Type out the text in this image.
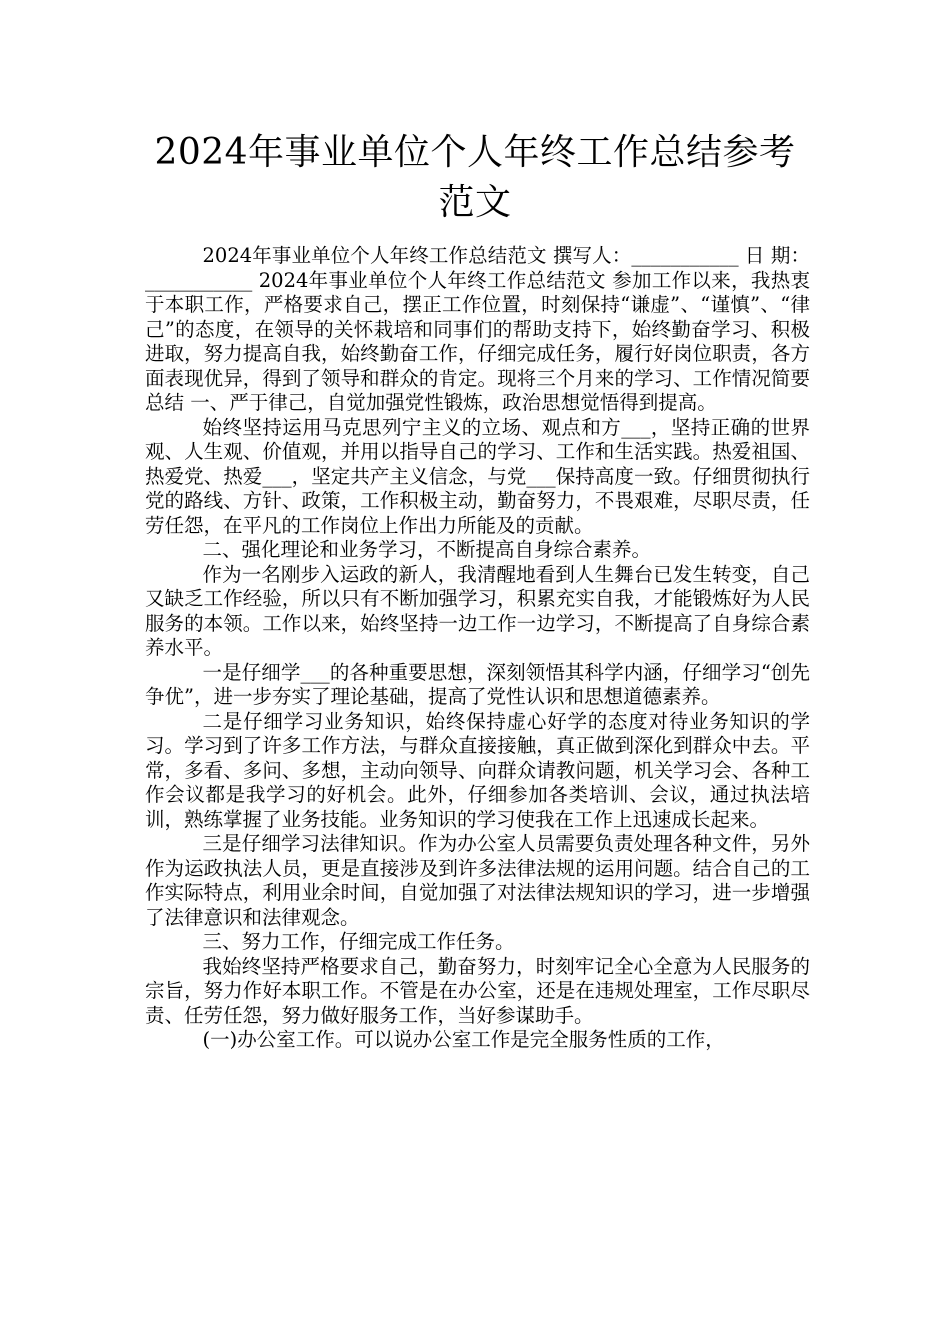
2024年事业单位个人年终工作总结参考范文

2024年事业单位个人年终工作总结范文 撰写人：___________ 日 期：___________ 2024年事业单位个人年终工作总结范文 参加工作以来，我热衷于本职工作，严格要求自己，摆正工作位置，时刻保持“谦虚”、“谨慎”、“律己”的态度，在领导的关怀栽培和同事们的帮助支持下，始终勤奋学习、积极进取，努力提高自我，始终勤奋工作，仔细完成任务，履行好岗位职责，各方面表现优异，得到了领导和群众的肯定。现将三个月来的学习、工作情况简要总结 一、严于律己，自觉加强党性锻炼，政治思想觉悟得到提高。

始终坚持运用马克思列宁主义的立场、观点和方___，坚持正确的世界观、人生观、价值观，并用以指导自己的学习、工作和生活实践。热爱祖国、热爱党、热爱___，坚定共产主义信念，与党___保持高度一致。仔细贯彻执行党的路线、方针、政策，工作积极主动，勤奋努力，不畏艰难，尽职尽责，任劳任怨，在平凡的工作岗位上作出力所能及的贡献。

二、强化理论和业务学习，不断提高自身综合素养。

作为一名刚步入运政的新人，我清醒地看到人生舞台已发生转变，自己又缺乏工作经验，所以只有不断加强学习，积累充实自我，才能锻炼好为人民服务的本领。工作以来，始终坚持一边工作一边学习，不断提高了自身综合素养水平。

一是仔细学___的各种重要思想，深刻领悟其科学内涵，仔细学习“创先争优”，进一步夯实了理论基础，提高了党性认识和思想道德素养。

二是仔细学习业务知识，始终保持虚心好学的态度对待业务知识的学习。学习到了许多工作方法，与群众直接接触，真正做到深化到群众中去。平常，多看、多问、多想，主动向领导、向群众请教问题，机关学习会、各种工作会议都是我学习的好机会。此外，仔细参加各类培训、会议，通过执法培训，熟练掌握了业务技能。业务知识的学习使我在工作上迅速成长起来。

三是仔细学习法律知识。作为办公室人员需要负责处理各种文件，另外作为运政执法人员，更是直接涉及到许多法律法规的运用问题。结合自己的工作实际特点，利用业余时间，自觉加强了对法律法规知识的学习，进一步增强了法律意识和法律观念。

三、努力工作，仔细完成工作任务。

我始终坚持严格要求自己，勤奋努力，时刻牢记全心全意为人民服务的宗旨，努力作好本职工作。不管是在办公室，还是在违规处理室，工作尽职尽责、任劳任怨，努力做好服务工作，当好参谋助手。

(一)办公室工作。可以说办公室工作是完全服务性质的工作，
